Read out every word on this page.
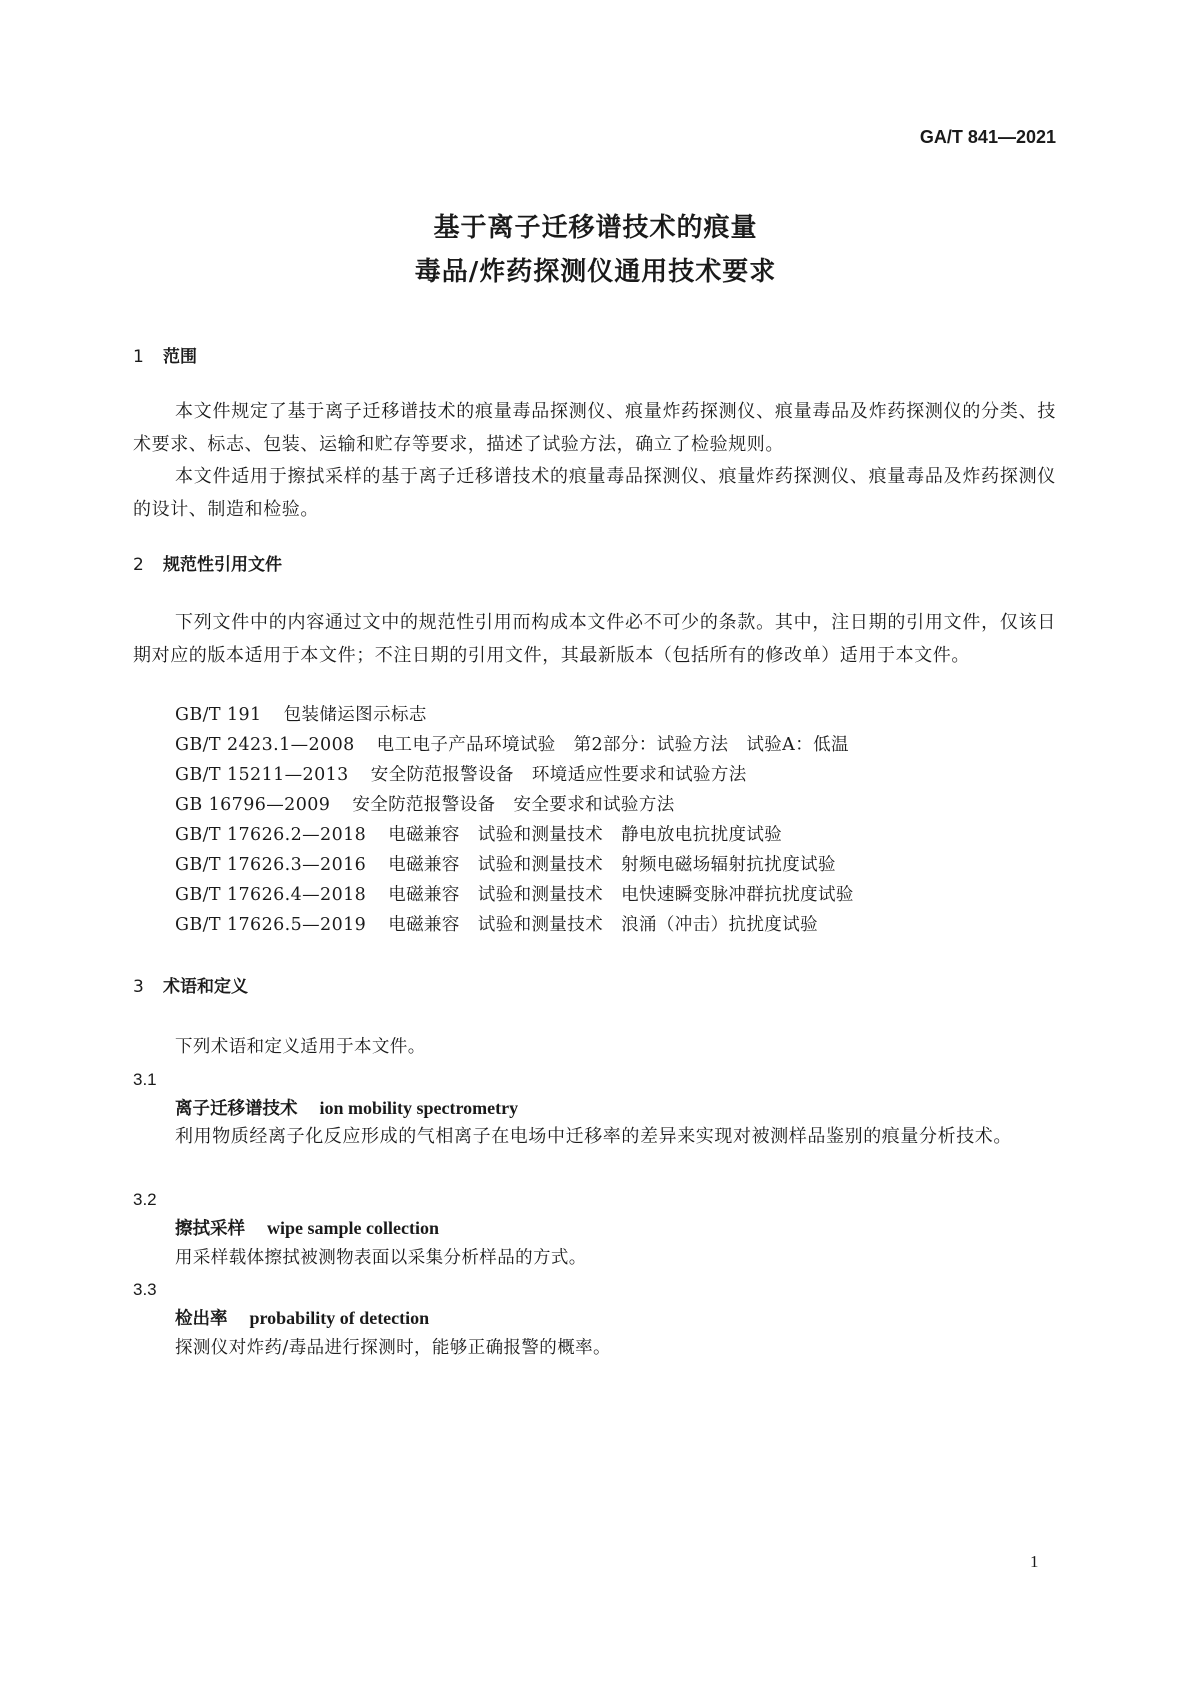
GA/T 841—2021
基于离子迁移谱技术的痕量
毒品/炸药探测仪通用技术要求
1 范围
本文件规定了基于离子迁移谱技术的痕量毒品探测仪、痕量炸药探测仪、痕量毒品及炸药探测仪的分类、技术要求、标志、包装、运输和贮存等要求，描述了试验方法，确立了检验规则。
本文件适用于擦拭采样的基于离子迁移谱技术的痕量毒品探测仪、痕量炸药探测仪、痕量毒品及炸药探测仪的设计、制造和检验。
2 规范性引用文件
下列文件中的内容通过文中的规范性引用而构成本文件必不可少的条款。其中，注日期的引用文件，仅该日期对应的版本适用于本文件；不注日期的引用文件，其最新版本（包括所有的修改单）适用于本文件。
GB/T 191 包装储运图示标志
GB/T 2423.1—2008 电工电子产品环境试验 第2部分：试验方法 试验A：低温
GB/T 15211—2013 安全防范报警设备 环境适应性要求和试验方法
GB 16796—2009 安全防范报警设备 安全要求和试验方法
GB/T 17626.2—2018 电磁兼容 试验和测量技术 静电放电抗扰度试验
GB/T 17626.3—2016 电磁兼容 试验和测量技术 射频电磁场辐射抗扰度试验
GB/T 17626.4—2018 电磁兼容 试验和测量技术 电快速瞬变脉冲群抗扰度试验
GB/T 17626.5—2019 电磁兼容 试验和测量技术 浪涌（冲击）抗扰度试验
3 术语和定义
下列术语和定义适用于本文件。
3.1
离子迁移谱技术 ion mobility spectrometry
利用物质经离子化反应形成的气相离子在电场中迁移率的差异来实现对被测样品鉴别的痕量分析技术。
3.2
擦拭采样 wipe sample collection
用采样载体擦拭被测物表面以采集分析样品的方式。
3.3
检出率 probability of detection
探测仪对炸药/毒品进行探测时，能够正确报警的概率。
1
